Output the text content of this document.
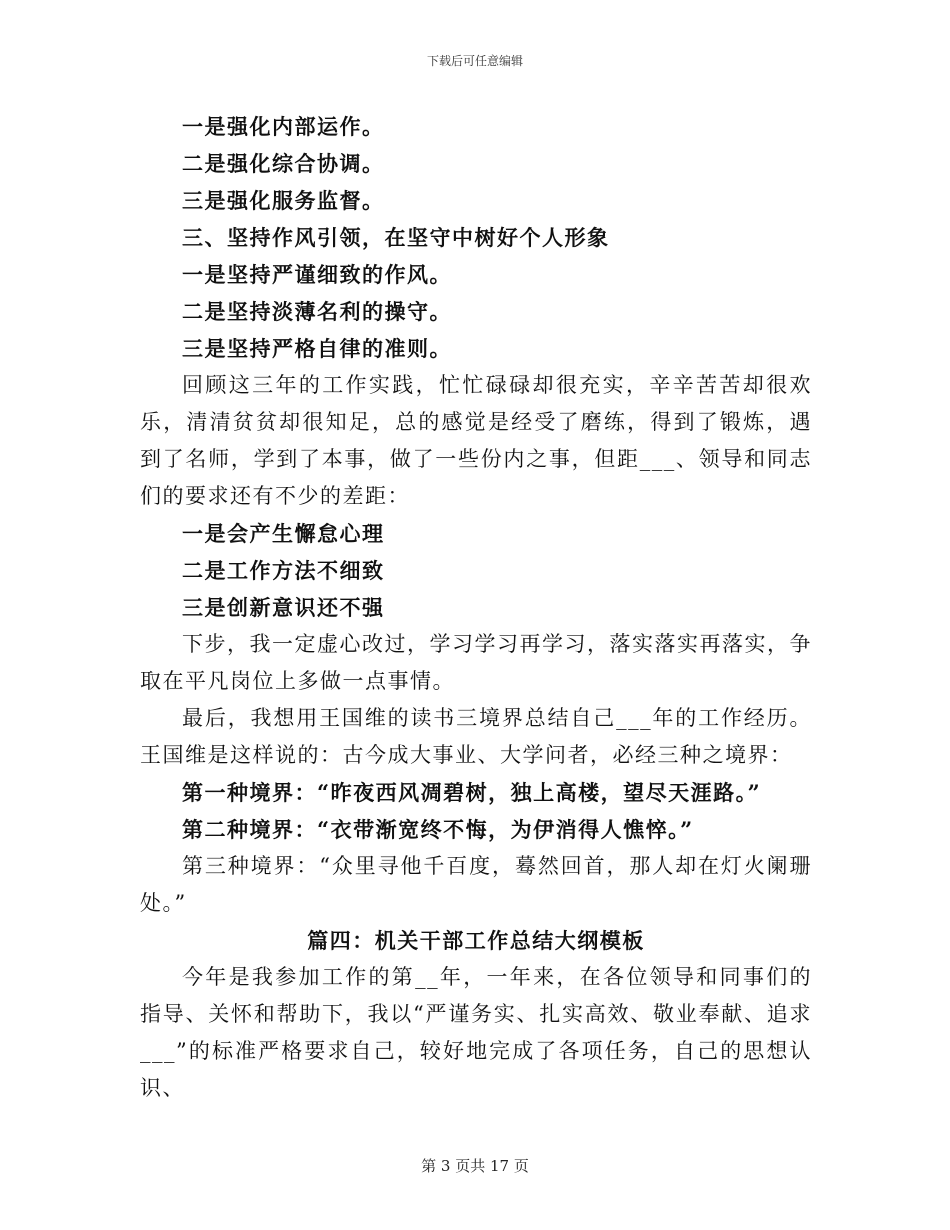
下载后可任意编辑

一是强化内部运作。

二是强化综合协调。

三是强化服务监督。

三、坚持作风引领，在坚守中树好个人形象

一是坚持严谨细致的作风。

二是坚持淡薄名利的操守。

三是坚持严格自律的准则。

回顾这三年的工作实践，忙忙碌碌却很充实，辛辛苦苦却很欢乐，清清贫贫却很知足，总的感觉是经受了磨练，得到了锻炼，遇到了名师，学到了本事，做了一些份内之事，但距___、领导和同志们的要求还有不少的差距：

一是会产生懈怠心理

二是工作方法不细致

三是创新意识还不强

下步，我一定虚心改过，学习学习再学习，落实落实再落实，争取在平凡岗位上多做一点事情。

最后，我想用王国维的读书三境界总结自己___年的工作经历。王国维是这样说的：古今成大事业、大学问者，必经三种之境界：

第一种境界：“昨夜西风凋碧树，独上高楼，望尽天涯路。”

第二种境界：“衣带渐宽终不悔，为伊消得人憔悴。”

第三种境界：“众里寻他千百度，蓦然回首，那人却在灯火阑珊处。”

篇四：机关干部工作总结大纲模板

今年是我参加工作的第__年，一年来，在各位领导和同事们的指导、关怀和帮助下，我以“严谨务实、扎实高效、敬业奉献、追求___”的标准严格要求自己，较好地完成了各项任务，自己的思想认识、

第 3 页共 17 页
